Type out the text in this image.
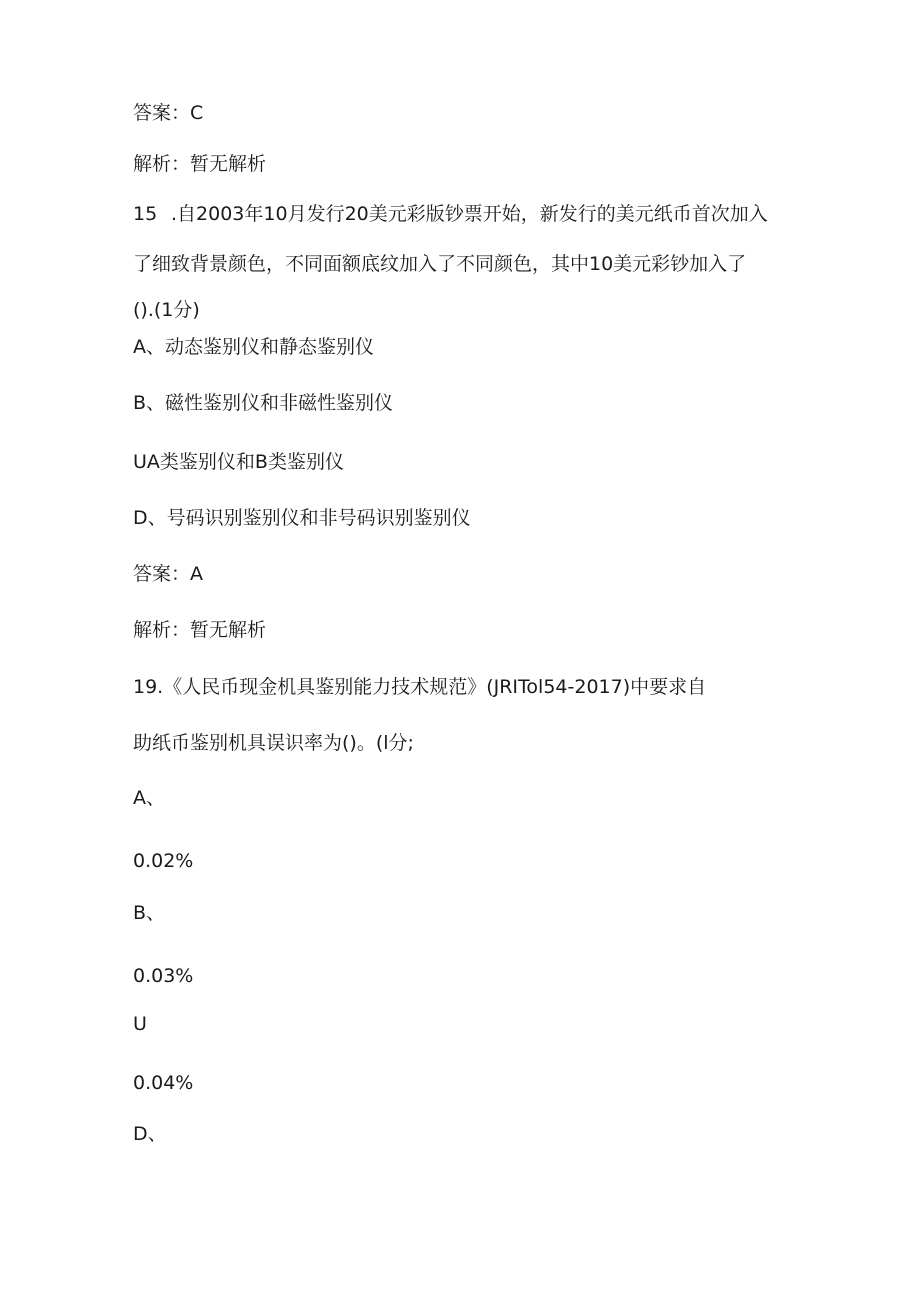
答案：C
解析：暂无解析
15 .自2003年10月发行20美元彩版钞票开始，新发行的美元纸币首次加入
了细致背景颜色，不同面额底纹加入了不同颜色，其中10美元彩钞加入了
().(1分)
A、动态鉴别仪和静态鉴别仪
B、磁性鉴别仪和非磁性鉴别仪
UA类鉴别仪和B类鉴别仪
D、号码识别鉴别仪和非号码识别鉴别仪
答案：A
解析：暂无解析
19.《人民币现金机具鉴别能力技术规范》(JRITol54-2017)中要求自
助纸币鉴别机具误识率为()。(l分;
A、
0.02%
B、
0.03%
U
0.04%
D、
